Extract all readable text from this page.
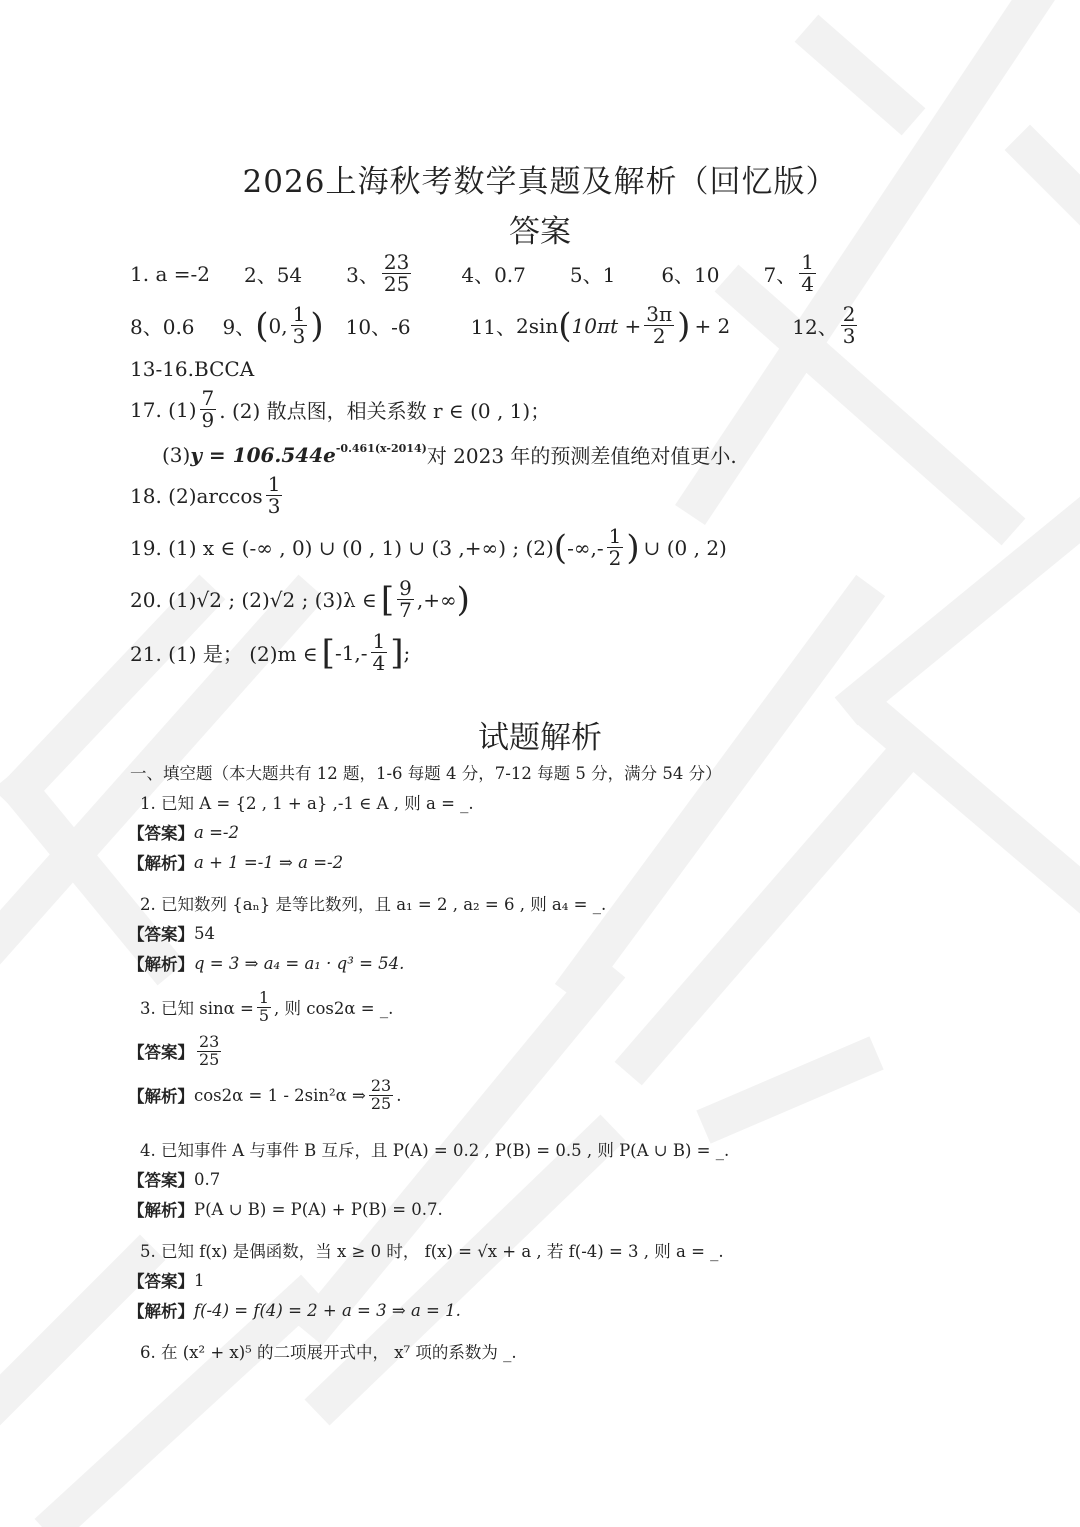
2026上海秋考数学真题及解析（回忆版）
答案
1. a =-2 2、54 3、 $\frac{23}{25}$	4、0.7 5、1 6、10 7、 $\frac{1}{4}$
8、0.6 9、 ( 0, $\frac{1}{3}$ ) 10、-6	11、 2sin ( $10\pi t + \frac{3\pi}{2}$ ) + 2	12、 $\frac{2}{3}$
13-16.BCCA
17. $(1) \frac{7}{9}$ . (2) 散点图，相关系数 r ∈ (0 , 1)；
(3) y = 106.544e -0.461(x-2014) 对 2023 年的预测差值绝对值更小.
18. $(2)\arccos \frac{1}{3}$
19. (1) x ∈ (-∞ , 0) ∪ (0 , 1) ∪ (3 ,+∞) ; (2) ( -∞,- $\frac{1}{2}$ ) ∪ (0 , 2)
20. (1)√2 ; (2)√2 ; (3)λ ∈ [ $\frac{9}{7}$ ,+∞ )
21. (1) 是； (2)m ∈ [ $-1,- \frac{1}{4}$ ] ;
试题解析
一、填空题（本大题共有 12 题，1-6 每题 4 分，7-12 每题 5 分，满分 54 分）
1. 已知 A = {2 , 1 + a} ,-1 ∈ A , 则 a = _.
【答案】 a =-2
【解析】 a + 1 =-1 ⇒ a =-2
2. 已知数列 {aₙ} 是等比数列，且 a₁ = 2 , a₂ = 6 , 则 a₄ = _.
【答案】 54
【解析】 q = 3 ⇒ a₄ = a₁ · q³ = 54.
3. 已知 $\sin\alpha = \frac{1}{5}$ , 则 cos2α = _.
【答案】 $\frac{23}{25}$
【解析】 cos2α = 1 - 2sin²α ⇒ $\frac{23}{25}$ .
4. 已知事件 A 与事件 B 互斥，且 P(A) = 0.2 , P(B) = 0.5 , 则 P(A ∪ B) = _.
【答案】 0.7
【解析】 P(A ∪ B) = P(A) + P(B) = 0.7.
5. 已知 f(x) 是偶函数，当 x ≥ 0 时， f(x) = √x + a , 若 f(-4) = 3 , 则 a = _.
【答案】 1
【解析】 f(-4) = f(4) = 2 + a = 3 ⇒ a = 1.
6. 在 (x² + x)⁵ 的二项展开式中， x⁷ 项的系数为 _.
